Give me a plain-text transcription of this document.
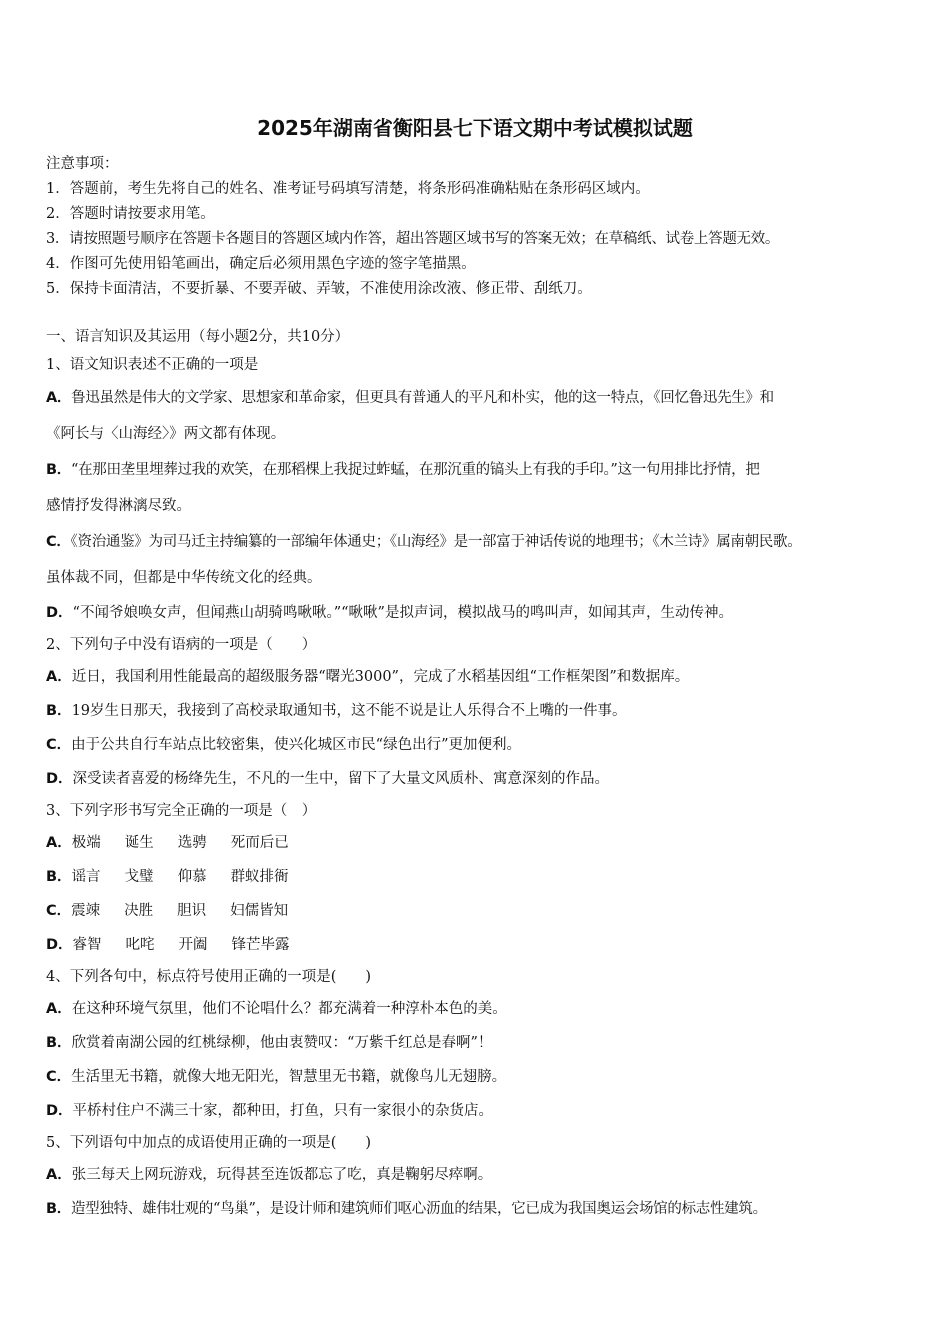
2025年湖南省衡阳县七下语文期中考试模拟试题
注意事项：
1．答题前，考生先将自己的姓名、准考证号码填写清楚，将条形码准确粘贴在条形码区域内。
2．答题时请按要求用笔。
3．请按照题号顺序在答题卡各题目的答题区域内作答，超出答题区域书写的答案无效；在草稿纸、试卷上答题无效。
4．作图可先使用铅笔画出，确定后必须用黑色字迹的签字笔描黑。
5．保持卡面清洁，不要折暴、不要弄破、弄皱，不准使用涂改液、修正带、刮纸刀。
一、语言知识及其运用（每小题2分，共10分）
1、语文知识表述不正确的一项是
A．鲁迅虽然是伟大的文学家、思想家和革命家，但更具有普通人的平凡和朴实，他的这一特点，《回忆鲁迅先生》和
《阿长与〈山海经〉》两文都有体现。
B．“在那田垄里埋葬过我的欢笑，在那稻棵上我捉过蚱蜢，在那沉重的镐头上有我的手印。”这一句用排比抒情，把
感情抒发得淋漓尽致。
C．《资治通鉴》为司马迁主持编纂的一部编年体通史；《山海经》是一部富于神话传说的地理书；《木兰诗》属南朝民歌。
虽体裁不同，但都是中华传统文化的经典。
D．“不闻爷娘唤女声，但闻燕山胡骑鸣啾啾。”“啾啾”是拟声词，模拟战马的鸣叫声，如闻其声，生动传神。
2、下列句子中没有语病的一项是（　　）
A．近日，我国利用性能最高的超级服务器“曙光3000”，完成了水稻基因组“工作框架图”和数据库。
B．19岁生日那天，我接到了高校录取通知书，这不能不说是让人乐得合不上嘴的一件事。
C．由于公共自行车站点比较密集，使兴化城区市民“绿色出行”更加便利。
D．深受读者喜爱的杨绛先生，不凡的一生中，留下了大量文风质朴、寓意深刻的作品。
3、下列字形书写完全正确的一项是（　）
A．极端 诞生 选骋 死而后已
B．谣言 戈璧 仰慕 群蚁排衙
C．震竦 决胜 胆识 妇儒皆知
D．睿智 叱咤 开阖 锋芒毕露
4、下列各句中，标点符号使用正确的一项是(　　)
A．在这种环境气氛里，他们不论唱什么？都充满着一种淳朴本色的美。
B．欣赏着南湖公园的红桃绿柳，他由衷赞叹：“万紫千红总是春啊”！
C．生活里无书籍，就像大地无阳光，智慧里无书籍，就像鸟儿无翅膀。
D．平桥村住户不满三十家，都种田，打鱼，只有一家很小的杂货店。
5、下列语句中加点的成语使用正确的一项是(　　)
A．张三每天上网玩游戏，玩得甚至连饭都忘了吃，真是鞠躬尽瘁啊。
B．造型独特、雄伟壮观的“鸟巢”，是设计师和建筑师们呕心沥血的结果，它已成为我国奥运会场馆的标志性建筑。
